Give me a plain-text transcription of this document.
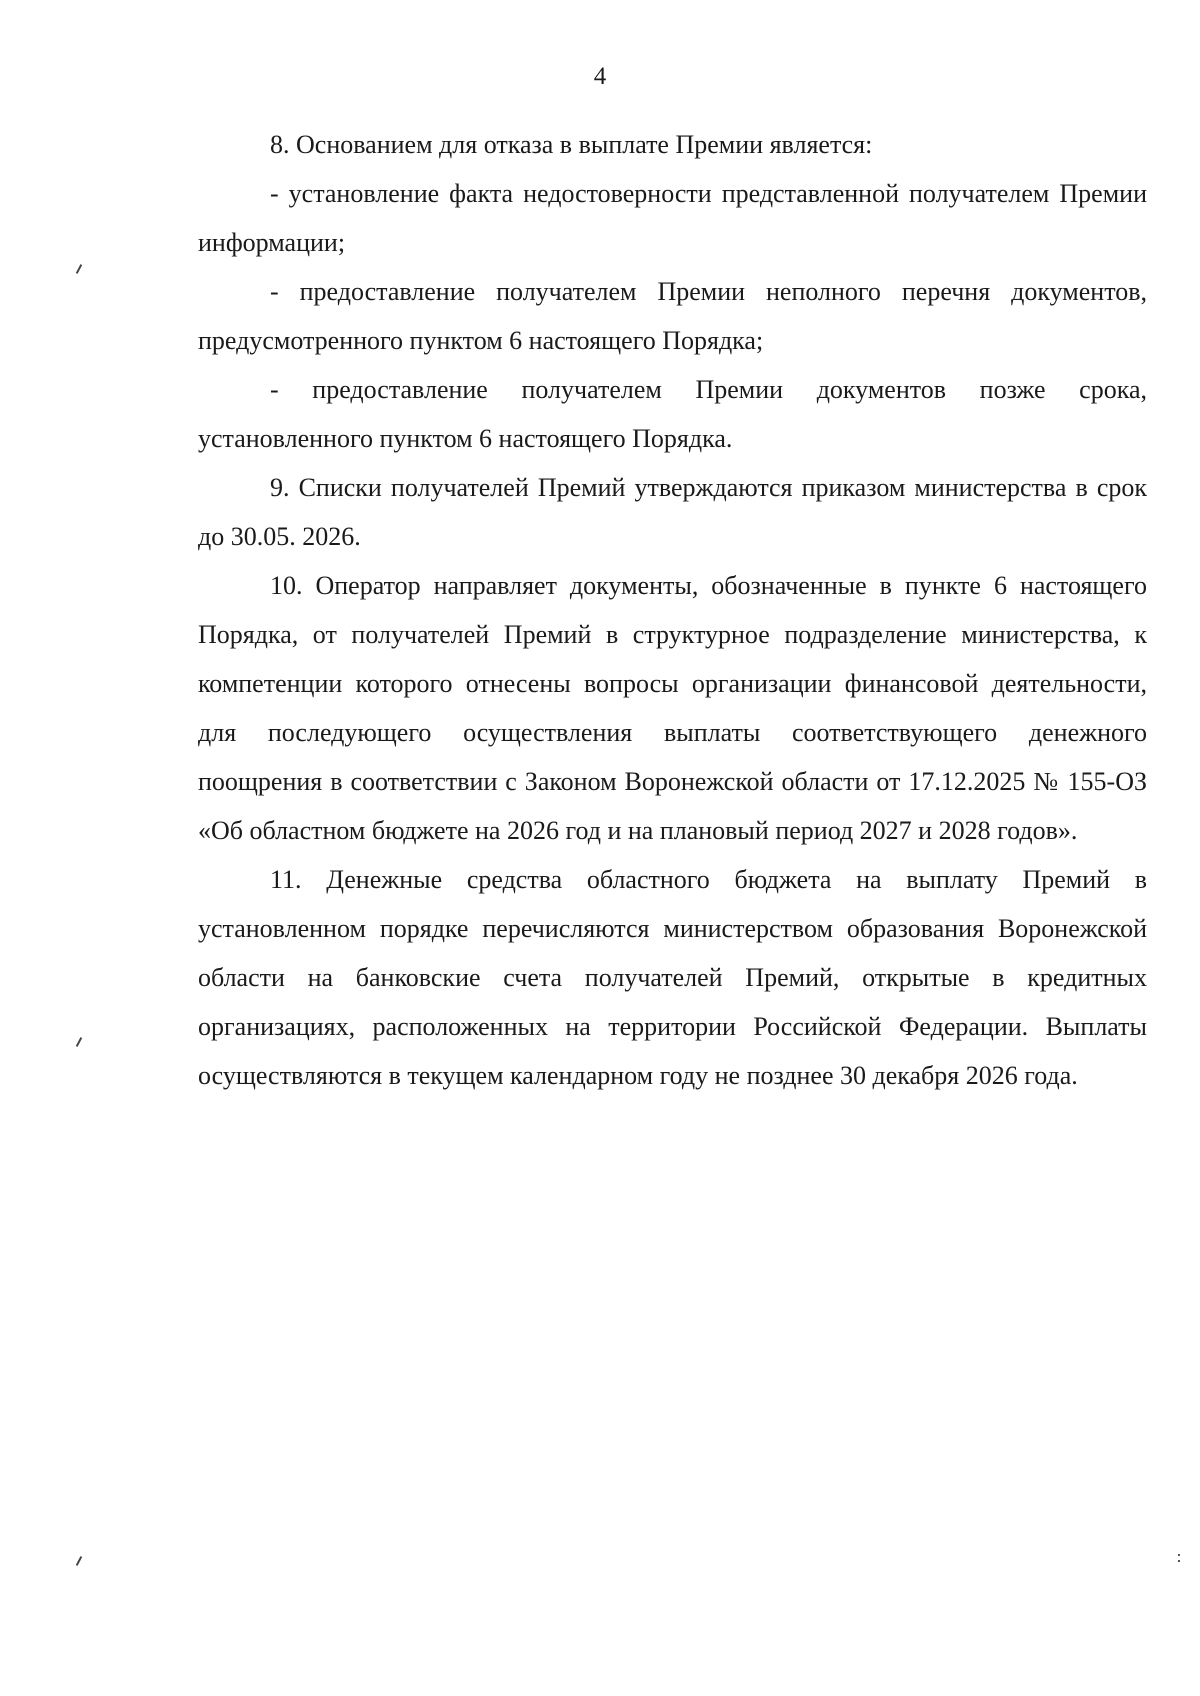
4

8. Основанием для отказа в выплате Премии является:

- установление факта недостоверности представленной получателем Премии информации;

- предоставление получателем Премии неполного перечня документов, предусмотренного пунктом 6 настоящего Порядка;

- предоставление получателем Премии документов позже срока, установленного пунктом 6 настоящего Порядка.

9. Списки получателей Премий утверждаются приказом министерства в срок до 30.05. 2026.

10. Оператор направляет документы, обозначенные в пункте 6 настоящего Порядка, от получателей Премий в структурное подразделение министерства, к компетенции которого отнесены вопросы организации финансовой деятельности, для последующего осуществления выплаты соответствующего денежного поощрения в соответствии с Законом Воронежской области от 17.12.2025 № 155-ОЗ «Об областном бюджете на 2026 год и на плановый период 2027 и 2028 годов».

11. Денежные средства областного бюджета на выплату Премий в установленном порядке перечисляются министерством образования Воронежской области на банковские счета получателей Премий, открытые в кредитных организациях, расположенных на территории Российской Федерации. Выплаты осуществляются в текущем календарном году не позднее 30 декабря 2026 года.
